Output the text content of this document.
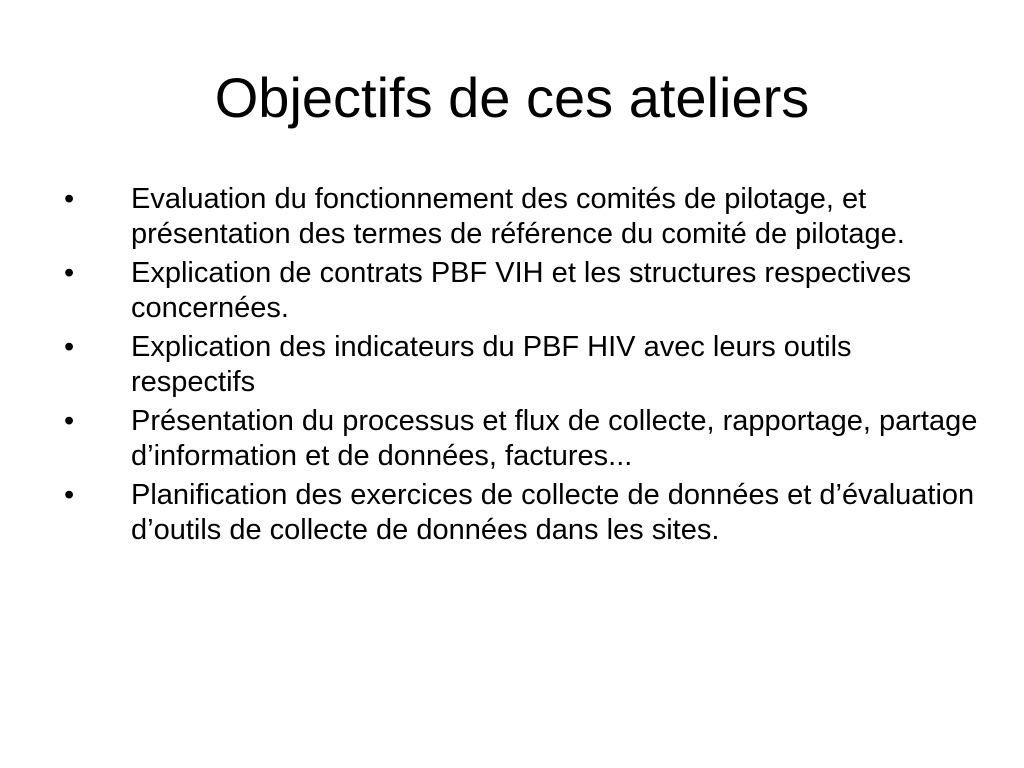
Objectifs de ces ateliers
•	Evaluation du fonctionnement des comités de pilotage, et présentation des termes de référence du comité de pilotage.
•	Explication de contrats PBF VIH et les structures respectives concernées.
•	Explication des indicateurs du PBF HIV avec leurs outils respectifs
•	Présentation du processus et flux de collecte, rapportage, partage d’information et de données, factures...
•	Planification des exercices de collecte de données et d’évaluation d’outils de collecte de données dans les sites.
